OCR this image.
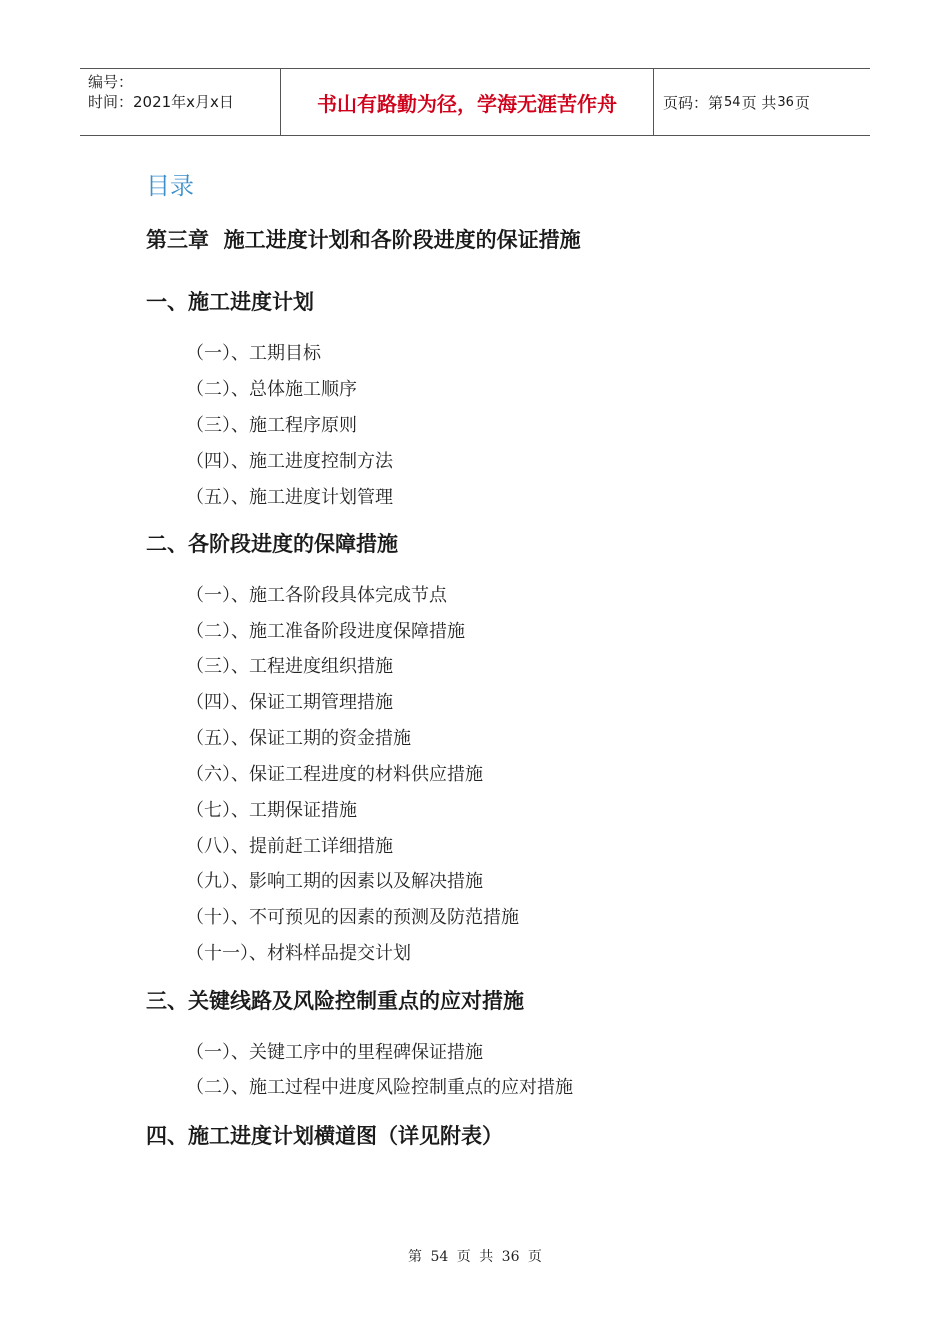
编号：
时间：2021年x月x日	书山有路勤为径，学海无涯苦作舟	页码：第 54 页 共 36 页
目录
第三章  施工进度计划和各阶段进度的保证措施
一、施工进度计划
（一）、工期目标
（二）、总体施工顺序
（三）、施工程序原则
（四）、施工进度控制方法
（五）、施工进度计划管理
二、各阶段进度的保障措施
（一）、施工各阶段具体完成节点
（二）、施工准备阶段进度保障措施
（三）、工程进度组织措施
（四）、保证工期管理措施
（五）、保证工期的资金措施
（六）、保证工程进度的材料供应措施
（七）、工期保证措施
（八）、提前赶工详细措施
（九）、影响工期的因素以及解决措施
（十）、不可预见的因素的预测及防范措施
（十一）、材料样品提交计划
三、关键线路及风险控制重点的应对措施
（一）、关键工序中的里程碑保证措施
（二）、施工过程中进度风险控制重点的应对措施
四、施工进度计划横道图（详见附表）
第 54 页 共 36 页
